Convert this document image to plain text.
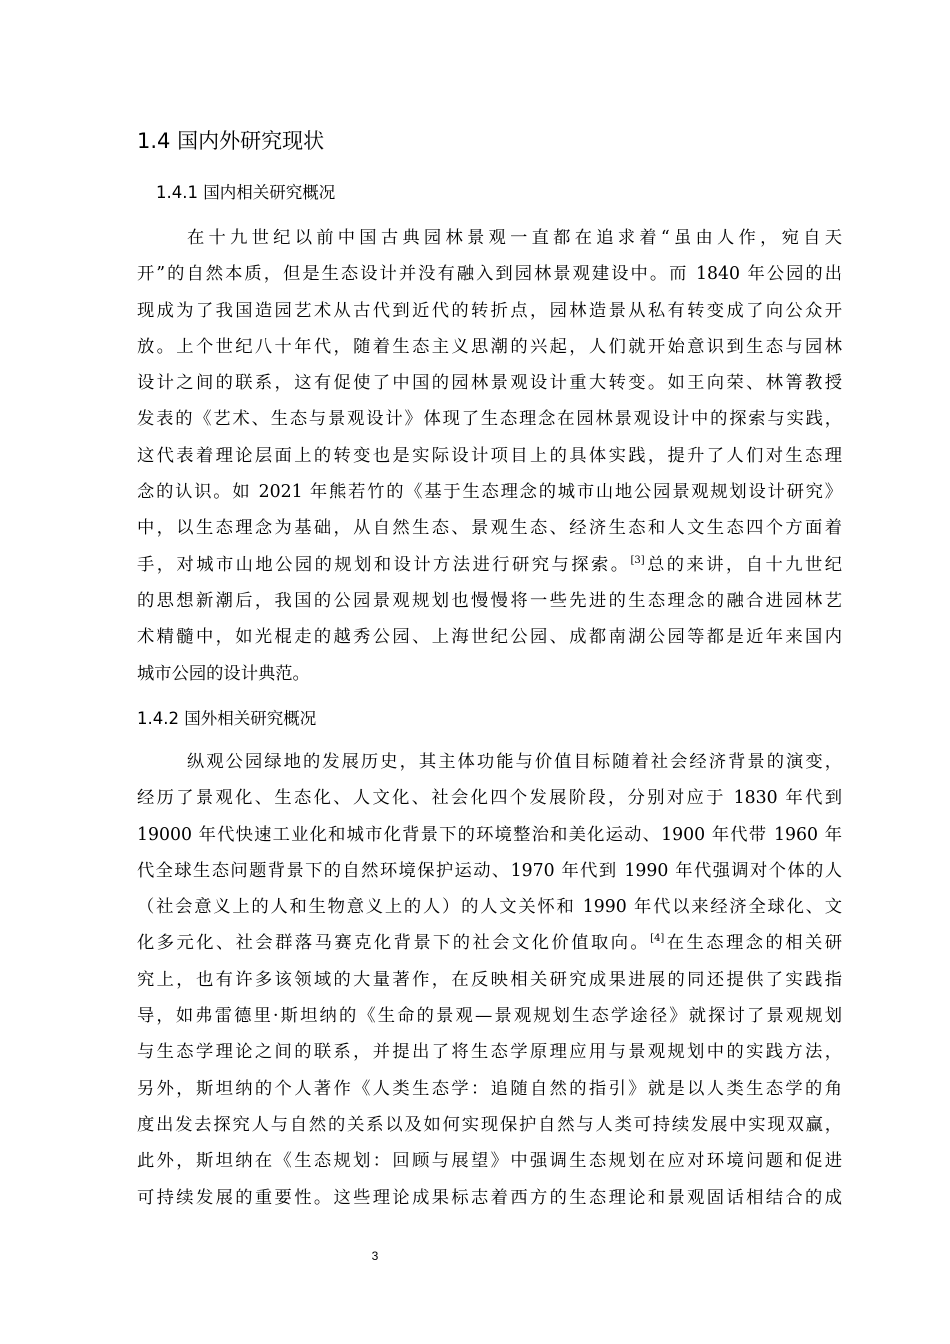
1.4 国内外研究现状
1.4.1 国内相关研究概况
在十九世纪以前中国古典园林景观一直都在追求着“虽由人作，宛自天
开”的自然本质，但是生态设计并没有融入到园林景观建设中。而 1840 年公园的出
现成为了我国造园艺术从古代到近代的转折点，园林造景从私有转变成了向公众开
放。上个世纪八十年代，随着生态主义思潮的兴起，人们就开始意识到生态与园林
设计之间的联系，这有促使了中国的园林景观设计重大转变。如王向荣、林箐教授
发表的《艺术、生态与景观设计》体现了生态理念在园林景观设计中的探索与实践，
这代表着理论层面上的转变也是实际设计项目上的具体实践，提升了人们对生态理
念的认识。如 2021 年熊若竹的《基于生态理念的城市山地公园景观规划设计研究》
中，以生态理念为基础，从自然生态、景观生态、经济生态和人文生态四个方面着
手，对城市山地公园的规划和设计方法进行研究与探索。[3]总的来讲，自十九世纪
的思想新潮后，我国的公园景观规划也慢慢将一些先进的生态理念的融合进园林艺
术精髓中，如光棍走的越秀公园、上海世纪公园、成都南湖公园等都是近年来国内
城市公园的设计典范。
1.4.2 国外相关研究概况
纵观公园绿地的发展历史，其主体功能与价值目标随着社会经济背景的演变，
经历了景观化、生态化、人文化、社会化四个发展阶段，分别对应于 1830 年代到
19000 年代快速工业化和城市化背景下的环境整治和美化运动、1900 年代带 1960 年
代全球生态问题背景下的自然环境保护运动、1970 年代到 1990 年代强调对个体的人
（社会意义上的人和生物意义上的人）的人文关怀和 1990 年代以来经济全球化、文
化多元化、社会群落马赛克化背景下的社会文化价值取向。[4]在生态理念的相关研
究上，也有许多该领域的大量著作，在反映相关研究成果进展的同还提供了实践指
导，如弗雷德里·斯坦纳的《生命的景观—景观规划生态学途径》就探讨了景观规划
与生态学理论之间的联系，并提出了将生态学原理应用与景观规划中的实践方法，
另外，斯坦纳的个人著作《人类生态学：追随自然的指引》就是以人类生态学的角
度出发去探究人与自然的关系以及如何实现保护自然与人类可持续发展中实现双赢，
此外，斯坦纳在《生态规划：回顾与展望》中强调生态规划在应对环境问题和促进
可持续发展的重要性。这些理论成果标志着西方的生态理论和景观固话相结合的成
3
